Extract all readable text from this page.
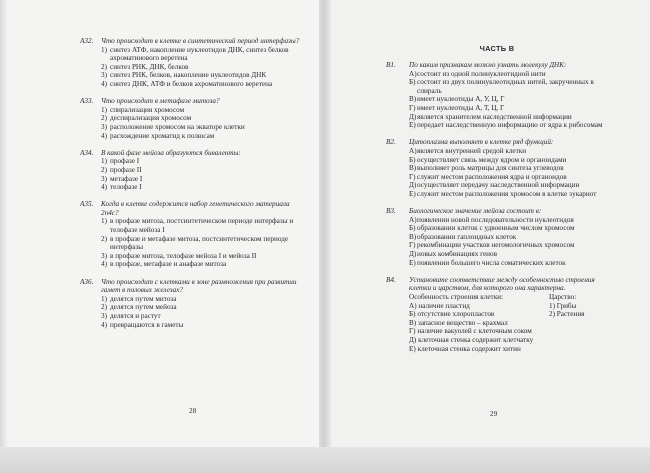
А32.	Что происходит в клетке в синтетический период интерфазы?
1) синтез АТФ, накопление нуклеотидов ДНК, синтез белков ахроматинового веретена
2) синтез РНК, ДНК, белков
3) синтез РНК, белков, накопление нуклеотидов ДНК
4) синтез ДНК, АТФ и белков ахроматинового веретена
А33.	Что происходит в метафазе митоза?
1) спирализация хромосом
2) деспирализация хромосом
3) расположение хромосом на экваторе клетки
4) расхождение хроматид к полюсам
А34.	В какой фазе мейоза образуются биваленты:
1) профазе I
2) профазе II
3) метафазе I
4) телофазе I
А35.	Когда в клетке содержится набор генетического материала 2n4c?
1) в профазе митоза, постсинтетическом периоде интерфазы и телофазе мейоза I
2) в профазе и метафазе митоза, постсинтетическом периоде интерфазы
3) в профазе митоза, телофазе мейоза I и мейоза II
4) в профазе, метафазе и анафазе митоза
А36.	Что происходит с клетками в зоне размножения при развитии гамет в половых железах?
1) делятся путем митоза
2) делятся путем мейоза
3) делятся и растут
4) превращаются в гаметы
28
ЧАСТЬ В
В1.	По каким признакам можно узнать молекулу ДНК:
А) состоит из одной полинуклеотидной нити
Б) состоит из двух полинуклеотидных нитей, закрученных в спираль
В) имеет нуклеотиды А, У, Ц, Г
Г) имеет нуклеотиды А, Т, Ц, Г
Д) является хранителем наследственной информации
Е) передает наследственную информацию от ядра к рибосомам
В2.	Цитоплазма выполняет в клетке ряд функций:
А) является внутренней средой клетки
Б) осуществляет связь между ядром и органоидами
В) выполняет роль матрицы для синтеза углеводов
Г) служит местом расположения ядра и органоидов
Д) осуществляет передачу наследственной информации
Е) служит местом расположения хромосом в клетке эукариот
В3.	Биологическое значение мейоза состоит в:
А) появлении новой последовательности нуклеотидов
Б) образовании клеток с удвоенным числом хромосом
В) образовании гаплоидных клеток
Г) рекомбинации участков негомологичных хромосом
Д) новых комбинациях генов
Е) появлении большего числа соматических клеток
В4.	Установите соответствие между особенностью строения клетки и царством, для которого она характерна.
Особенность строения клетки:	Царство:
А) наличие пластид	1) Грибы
Б) отсутствие хлоропластов	2) Растения
В) запасное вещество – крахмал
Г) наличие вакуолей с клеточным соком
Д) клеточная стенка содержит клетчатку
Е) клеточная стенка содержит хитин
29
